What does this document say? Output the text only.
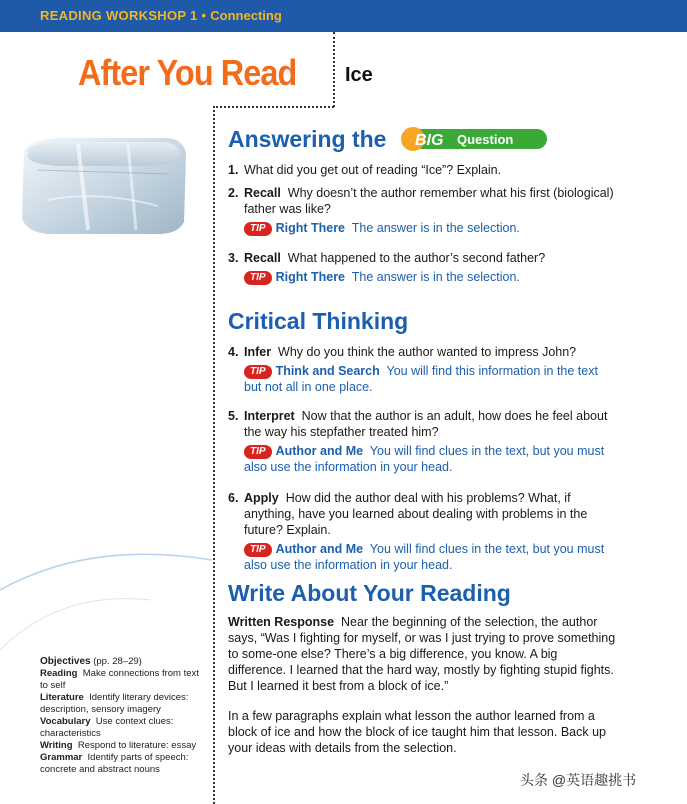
READING WORKSHOP 1 • Connecting
After You Read Ice
Answering the BIG Question
1. What did you get out of reading “Ice”? Explain.
2. Recall Why doesn’t the author remember what his first (biological) father was like?
TIP Right There The answer is in the selection.
3. Recall What happened to the author’s second father?
TIP Right There The answer is in the selection.
Critical Thinking
4. Infer Why do you think the author wanted to impress John?
TIP Think and Search You will find this information in the text but not all in one place.
5. Interpret Now that the author is an adult, how does he feel about the way his stepfather treated him?
TIP Author and Me You will find clues in the text, but you must also use the information in your head.
6. Apply How did the author deal with his problems? What, if anything, have you learned about dealing with problems in the future? Explain.
TIP Author and Me You will find clues in the text, but you must also use the information in your head.
Write About Your Reading
Written Response Near the beginning of the selection, the author says, “Was I fighting for myself, or was I just trying to prove something to some-one else? There’s a big difference, you know. A big difference. I learned that the hard way, mostly by fighting stupid fights. But I learned it best from a block of ice.”
In a few paragraphs explain what lesson the author learned from a block of ice and how the block of ice taught him that lesson. Back up your ideas with details from the selection.
Objectives (pp. 28–29)
Reading Make connections from text to self
Literature Identify literary devices: description, sensory imagery
Vocabulary Use context clues: characteristics
Writing Respond to literature: essay
Grammar Identify parts of speech: concrete and abstract nouns
头条 @英语趣挑书
